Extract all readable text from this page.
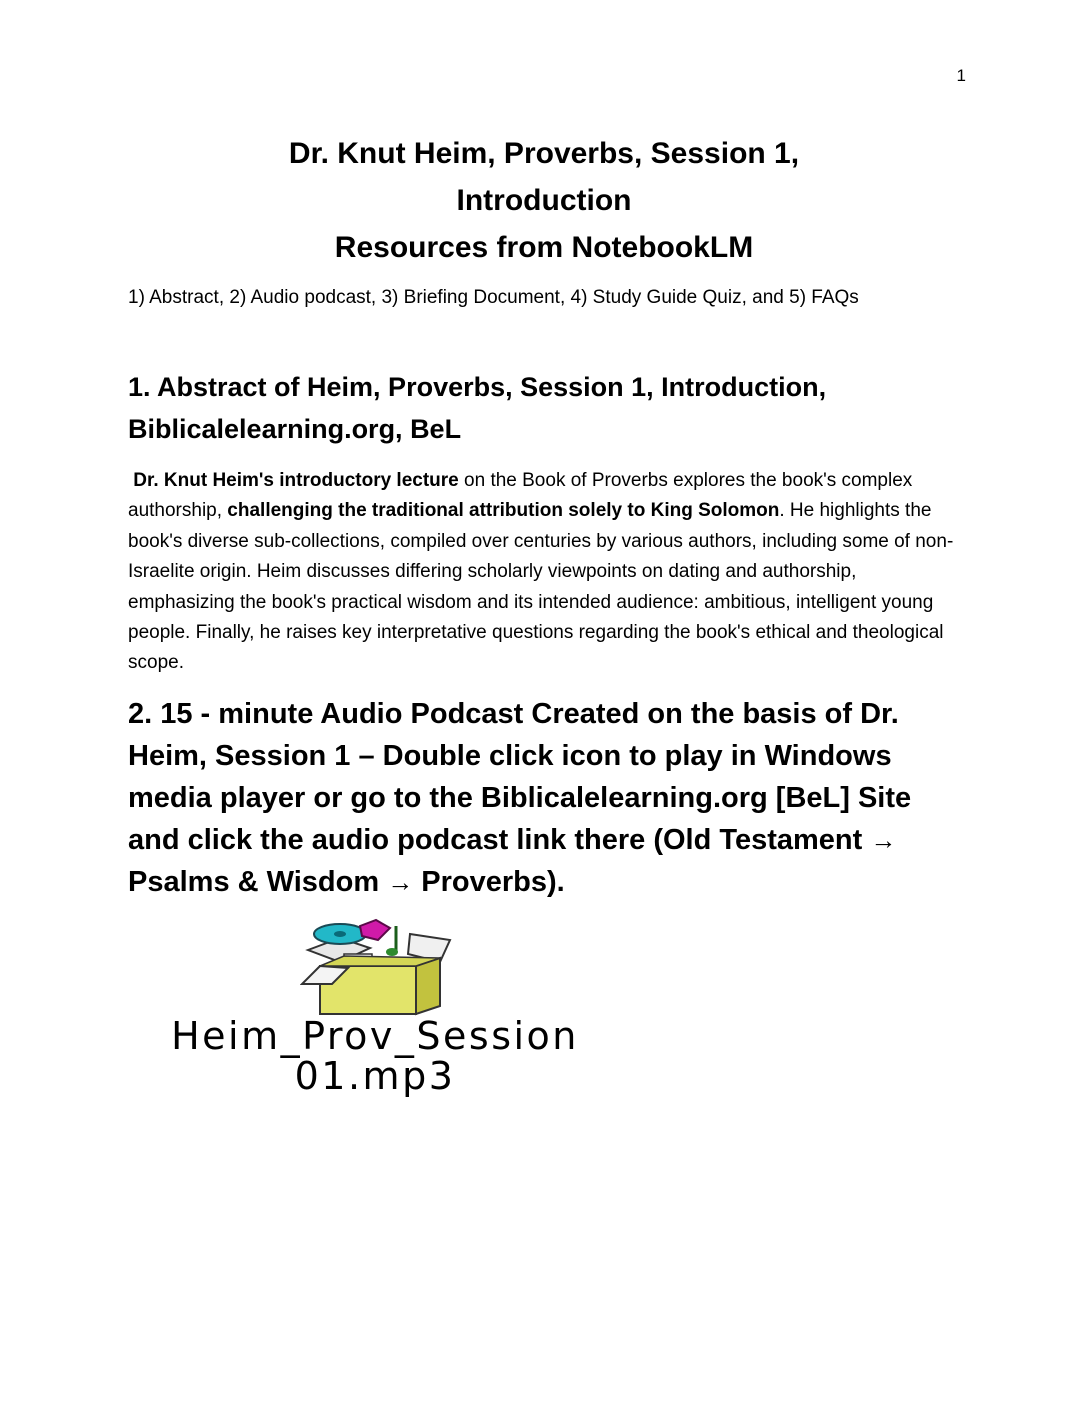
1
Dr. Knut Heim, Proverbs, Session 1,
Introduction
Resources from NotebookLM
1) Abstract, 2) Audio podcast, 3) Briefing Document, 4) Study Guide Quiz, and 5) FAQs
1. Abstract of Heim, Proverbs, Session 1, Introduction,
Biblicalelearning.org, BeL
Dr. Knut Heim's introductory lecture on the Book of Proverbs explores the book's complex authorship, challenging the traditional attribution solely to King Solomon. He highlights the book's diverse sub-collections, compiled over centuries by various authors, including some of non-Israelite origin. Heim discusses differing scholarly viewpoints on dating and authorship, emphasizing the book's practical wisdom and its intended audience: ambitious, intelligent young people. Finally, he raises key interpretative questions regarding the book's ethical and theological scope.
2. 15 - minute Audio Podcast Created on the basis of Dr. Heim, Session 1 – Double click icon to play in Windows media player or go to the Biblicalelearning.org [BeL] Site and click the audio podcast link there (Old Testament → Psalms & Wisdom → Proverbs).
Heim_Prov_Session
01.mp3
